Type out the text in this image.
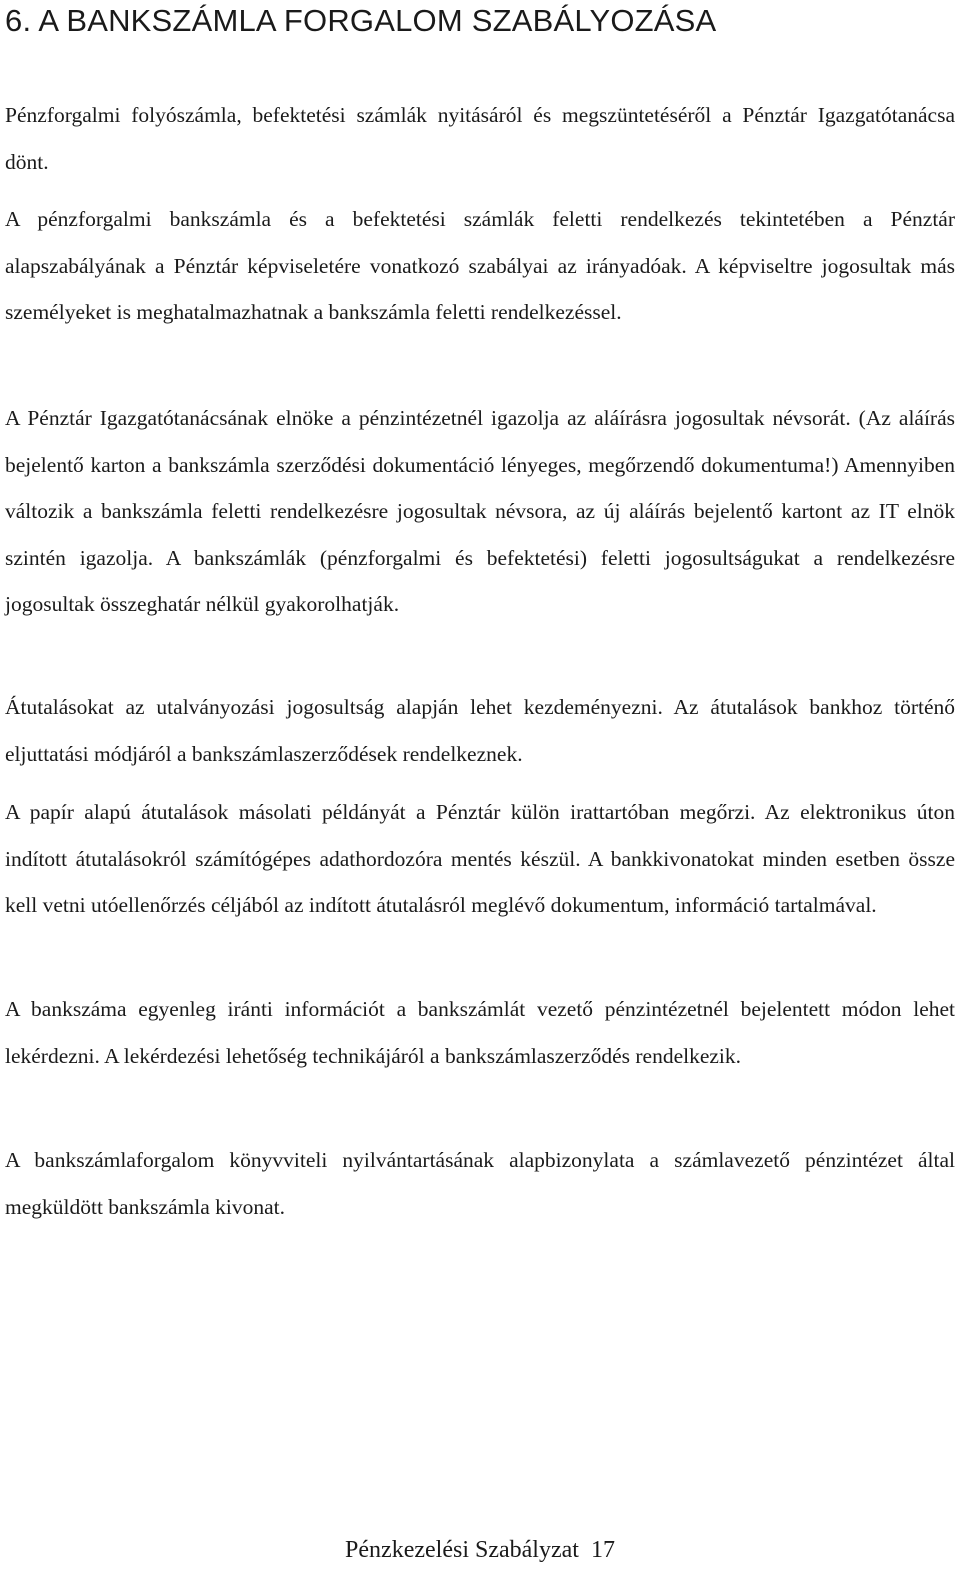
6. A BANKSZÁMLA FORGALOM SZABÁLYOZÁSA

Pénzforgalmi folyószámla, befektetési számlák nyitásáról és megszüntetéséről a Pénztár Igazgatótanácsa dönt.

A pénzforgalmi bankszámla és a befektetési számlák feletti rendelkezés tekintetében a Pénztár alapszabályának a Pénztár képviseletére vonatkozó szabályai az irányadóak. A képviseltre jogosultak más személyeket is meghatalmazhatnak a bankszámla feletti rendelkezéssel.

A Pénztár Igazgatótanácsának elnöke a pénzintézetnél igazolja az aláírásra jogosultak névsorát. (Az aláírás bejelentő karton a bankszámla szerződési dokumentáció lényeges, megőrzendő dokumentuma!) Amennyiben változik a bankszámla feletti rendelkezésre jogosultak névsora, az új aláírás bejelentő kartont az IT elnök szintén igazolja. A bankszámlák (pénzforgalmi és befektetési) feletti jogosultságukat a rendelkezésre jogosultak összeghatár nélkül gyakorolhatják.

Átutalásokat az utalványozási jogosultság alapján lehet kezdeményezni. Az átutalások bankhoz történő eljuttatási módjáról a bankszámlaszerződések rendelkeznek.

A papír alapú átutalások másolati példányát a Pénztár külön irattartóban megőrzi. Az elektronikus úton indított átutalásokról számítógépes adathordozóra mentés készül. A bankkivonatokat minden esetben össze kell vetni utóellenőrzés céljából az indított átutalásról meglévő dokumentum, információ tartalmával.

A bankszáma egyenleg iránti információt a bankszámlát vezető pénzintézetnél bejelentett módon lehet lekérdezni. A lekérdezési lehetőség technikájáról a bankszámlaszerződés rendelkezik.

A bankszámlaforgalom könyvviteli nyilvántartásának alapbizonylata a számlavezető pénzintézet által megküldött bankszámla kivonat.

Pénzkezelési Szabályzat 17
